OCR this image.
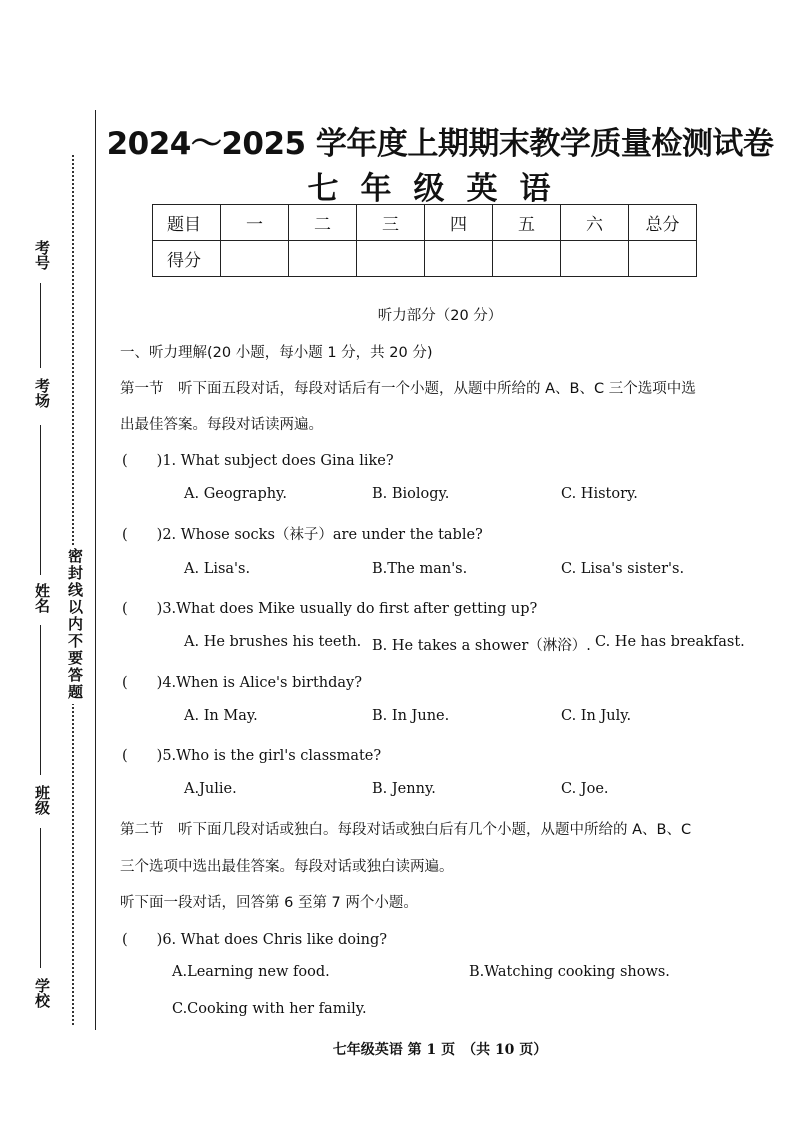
考号
考场
姓名
班级
学校
密封线以内不要答题
2024～2025 学年度上期期末教学质量检测试卷
七年级英语
题目	一	二	三	四	五	六	总分
得分							
听力部分（20 分）
一、听力理解(20 小题，每小题 1 分，共 20 分)
第一节　听下面五段对话，每段对话后有一个小题，从题中所给的 A、B、C 三个选项中选
出最佳答案。每段对话读两遍。
(　　)1. What subject does Gina like?
A. Geography.	B. Biology.	C. History.
(　　)2. Whose socks（袜子）are under the table?
A. Lisa's.	B.The man's.	C. Lisa's sister's.
(　　)3.What does Mike usually do first after getting up?
A. He brushes his teeth. B. He takes a shower（淋浴）. C. He has breakfast.
(　　)4.When is Alice's birthday?
A. In May.	B. In June.	C. In July.
(　　)5.Who is the girl's classmate?
A.Julie.	B. Jenny.	C. Joe.
第二节　听下面几段对话或独白。每段对话或独白后有几个小题，从题中所给的 A、B、C
三个选项中选出最佳答案。每段对话或独白读两遍。
听下面一段对话，回答第 6 至第 7 两个小题。
(　　)6. What does Chris like doing?
A.Learning new food.	B.Watching cooking shows.
C.Cooking with her family.
七年级英语 第 1 页　（共 10 页）
